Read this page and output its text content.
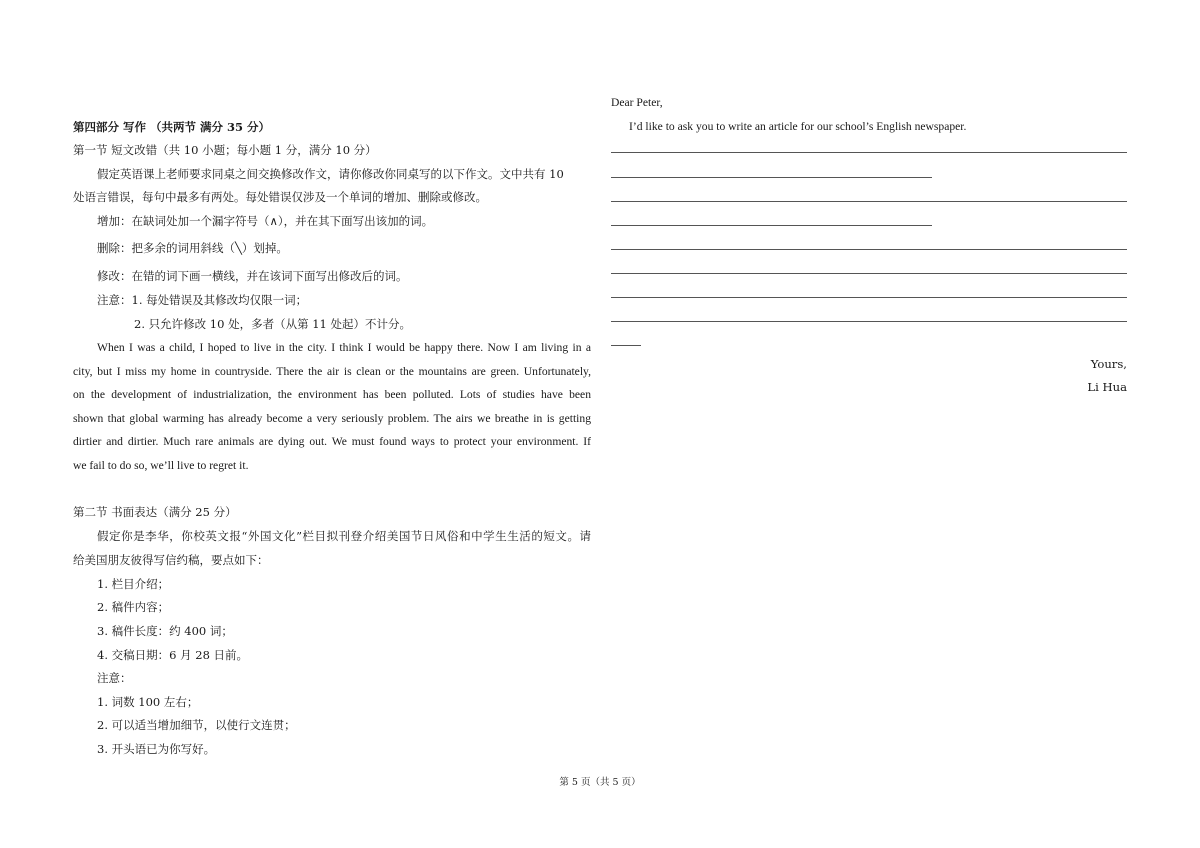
第四部分 写作 （共两节 满分 35 分）
第一节 短文改错（共 10 小题；每小题 1 分，满分 10 分）
假定英语课上老师要求同桌之间交换修改作文，请你修改你同桌写的以下作文。文中共有 10
处语言错误，每句中最多有两处。每处错误仅涉及一个单词的增加、删除或修改。
增加：在缺词处加一个漏字符号（∧），并在其下面写出该加的词。
删除：把多余的词用斜线（╲）划掉。
修改：在错的词下画一横线，并在该词下面写出修改后的词。
注意：1. 每处错误及其修改均仅限一词；
2. 只允许修改 10 处，多者（从第 11 处起）不计分。
When I was a child, I hoped to live in the city. I think I would be happy there. Now I am living in a
city, but I miss my home in countryside. There the air is clean or the mountains are green. Unfortunately,
on the development of industrialization, the environment has been polluted. Lots of studies have been
shown that global warming has already become a very seriously problem. The airs we breathe in is getting
dirtier and dirtier. Much rare animals are dying out. We must found ways to protect your environment. If
we fail to do so, we’ll live to regret it.
第二节 书面表达（满分 25 分）
假定你是李华，你校英文报“外国文化”栏目拟刊登介绍美国节日风俗和中学生生活的短文。请
给美国朋友彼得写信约稿，要点如下：
1. 栏目介绍；
2. 稿件内容；
3. 稿件长度：约 400 词；
4. 交稿日期：6 月 28 日前。
注意：
1. 词数 100 左右；
2. 可以适当增加细节，以使行文连贯；
3. 开头语已为你写好。
Dear Peter,
I’d like to ask you to write an article for our school’s English newspaper.
Yours,
Li Hua
第 5 页（共 5 页）
